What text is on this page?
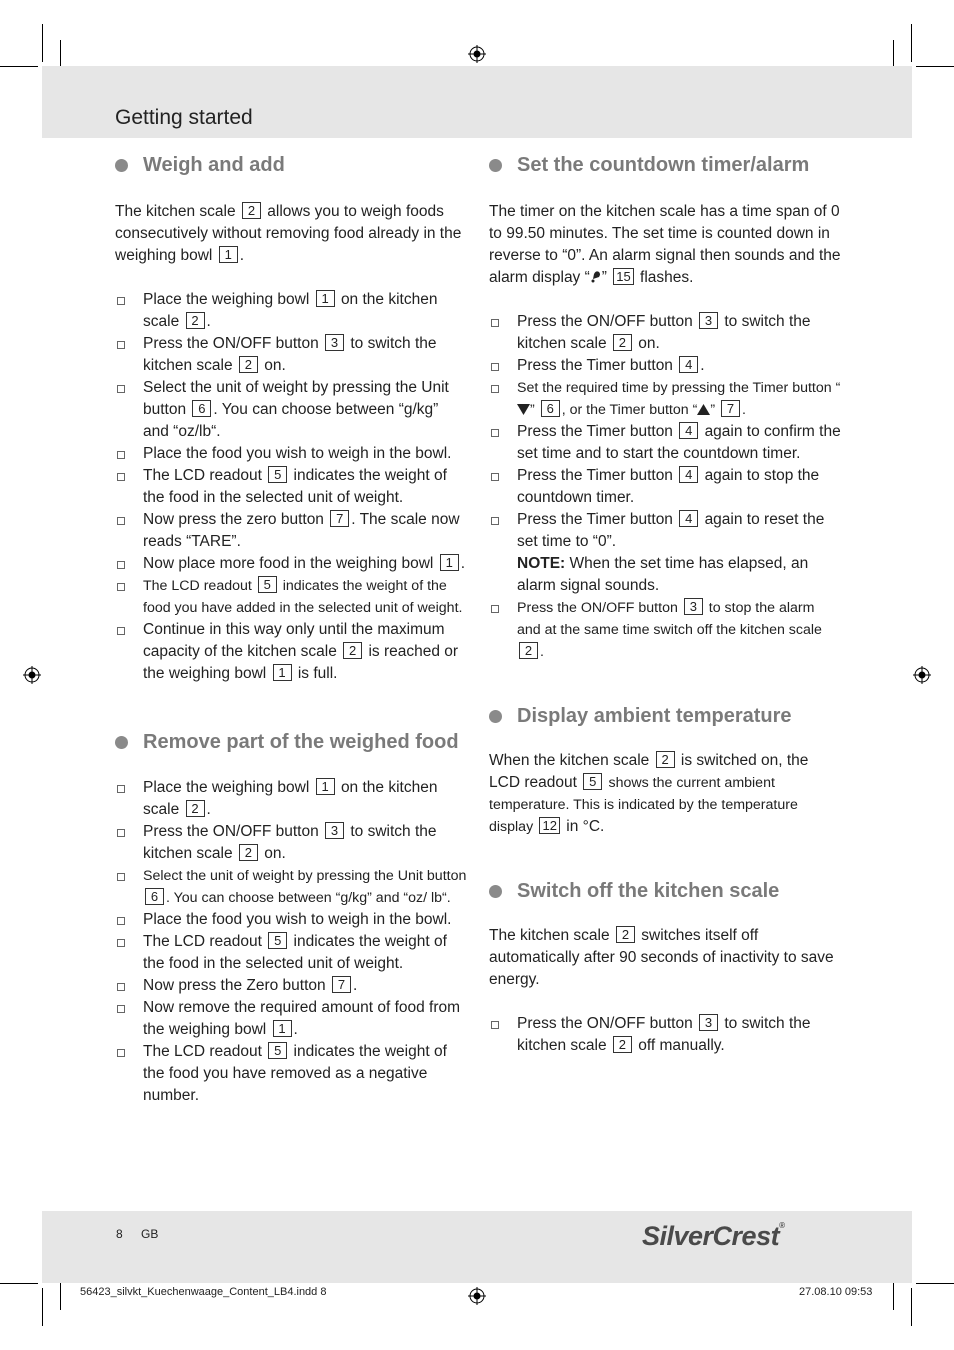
Getting started
Weigh and add

The kitchen scale 2 allows you to weigh foods consecutively without removing food already in the weighing bowl 1 .

Place the weighing bowl 1 on the kitchen scale 2 .
Press the ON/OFF button 3 to switch the kitchen scale 2 on.
Select the unit of weight by pressing the Unit button 6 . You can choose between “g/kg” and “oz/lb“.
Place the food you wish to weigh in the bowl.
The LCD readout 5 indicates the weight of the food in the selected unit of weight.
Now press the zero button 7 . The scale now reads “TARE”.
Now place more food in the weighing bowl 1 .
The LCD readout 5 indicates the weight of the food you have added in the selected unit of weight.
Continue in this way only until the maximum capacity of the kitchen scale 2 is reached or the weighing bowl 1 is full.
Remove part of the weighed food
Place the weighing bowl 1 on the kitchen scale 2 .
Press the ON/OFF button 3 to switch the kitchen scale 2 on.
Select the unit of weight by pressing the Unit button 6 . You can choose between “g/kg” and “oz/ lb“.
Place the food you wish to weigh in the bowl.
The LCD readout 5 indicates the weight of the food in the selected unit of weight.
Now press the Zero button 7 .
Now remove the required amount of food from the weighing bowl 1 .
The LCD readout 5 indicates the weight of the food you have removed as a negative number.
Set the countdown timer/alarm

The timer on the kitchen scale has a time span of 0 to 99.50 minutes. The set time is counted down in reverse to “0”. An alarm signal then sounds and the alarm display “ ” 15 flashes.

Press the ON/OFF button 3 to switch the kitchen scale 2 on.
Press the Timer button 4 .
Set the required time by pressing the Timer button “” 6 , or the Timer button “ ” 7 .
Press the Timer button 4 again to confirm the set time and to start the countdown timer.
Press the Timer button 4 again to stop the countdown timer.
Press the Timer button 4 again to reset the set time to “0”.
NOTE: When the set time has elapsed, an alarm signal sounds.
Press the ON/OFF button 3 to stop the alarm and at the same time switch off the kitchen scale 2 .
Display ambient temperature

When the kitchen scale 2 is switched on, the LCD readout 5 shows the current ambient temperature. This is indicated by the temperature display 12 in °C.

Switch off the kitchen scale

The kitchen scale 2 switches itself off automatically after 90 seconds of inactivity to save energy.

Press the ON/OFF button 3 to switch the kitchen scale 2 off manually.
8 GB	SilverCrest®
56423_silvkt_Kuechenwaage_Content_LB4.indd 8	27.08.10 09:53
